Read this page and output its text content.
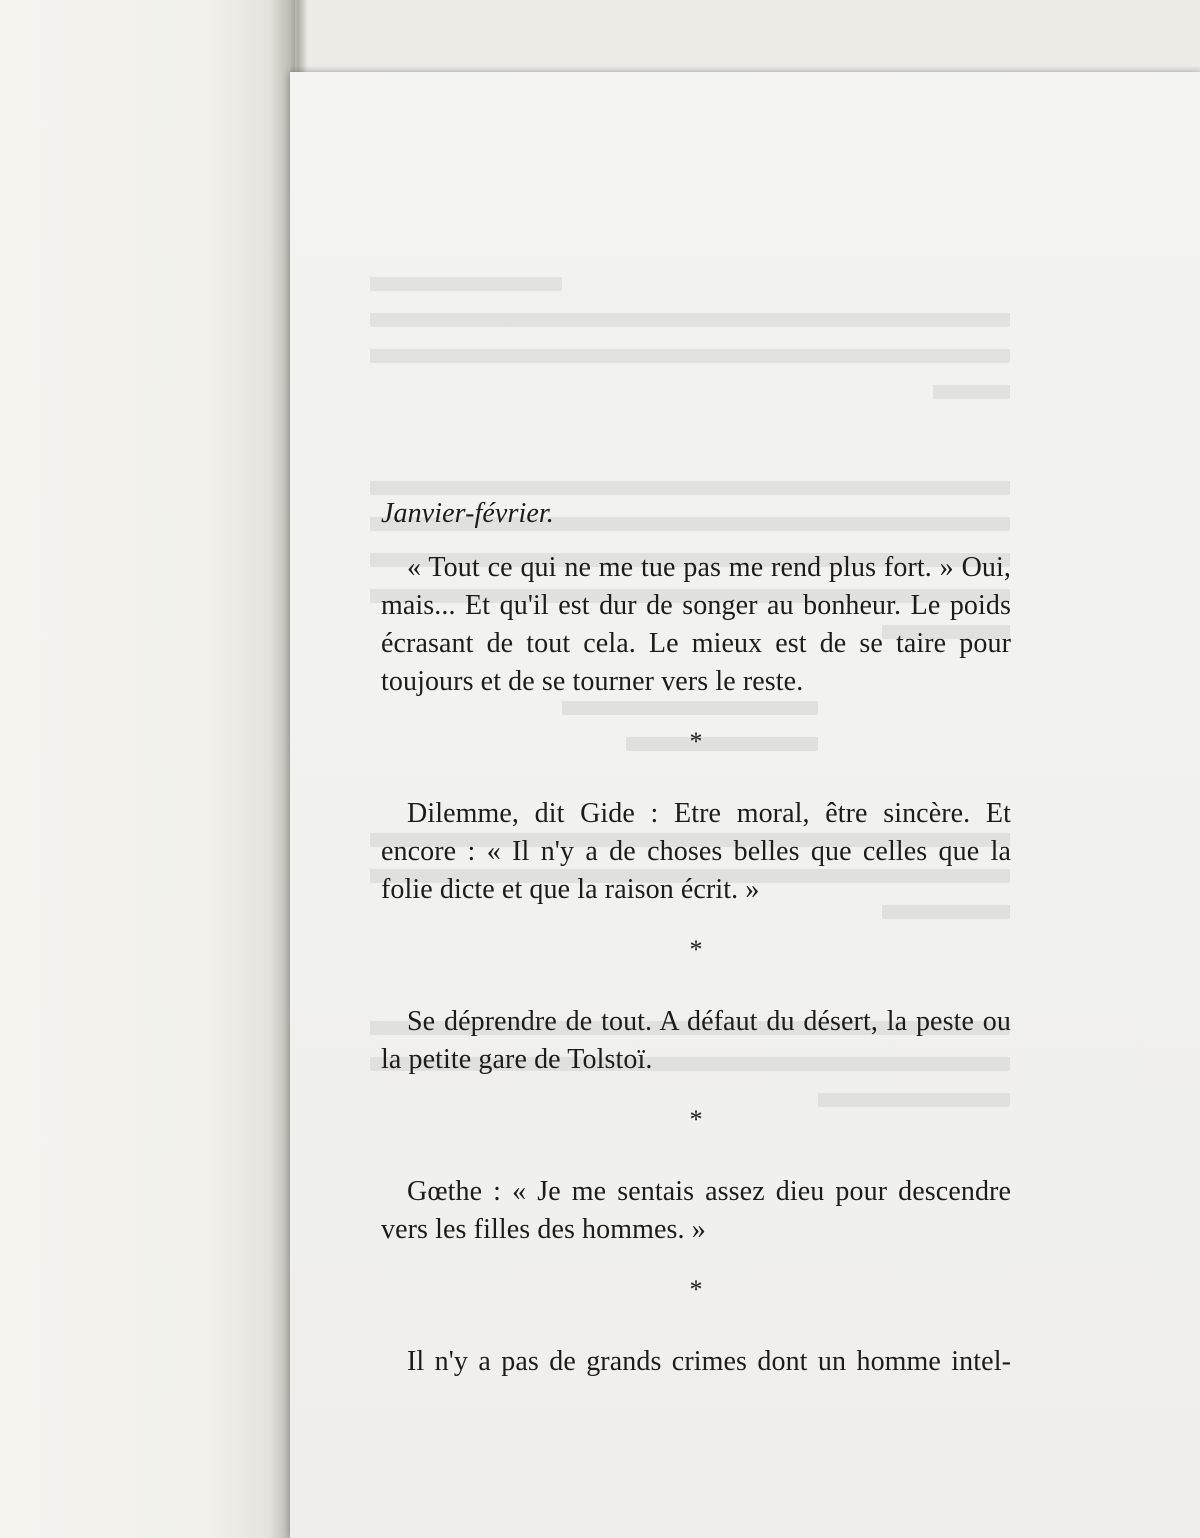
Janvier-février.

« Tout ce qui ne me tue pas me rend plus fort. » Oui, mais... Et qu'il est dur de songer au bonheur. Le poids écrasant de tout cela. Le mieux est de se taire pour toujours et de se tourner vers le reste.

*

Dilemme, dit Gide : Etre moral, être sincère. Et encore : « Il n'y a de choses belles que celles que la folie dicte et que la raison écrit. »

*

Se déprendre de tout. A défaut du désert, la peste ou la petite gare de Tolstoï.

*

Gœthe : « Je me sentais assez dieu pour descendre vers les filles des hommes. »

*

Il n'y a pas de grands crimes dont un homme intel-
